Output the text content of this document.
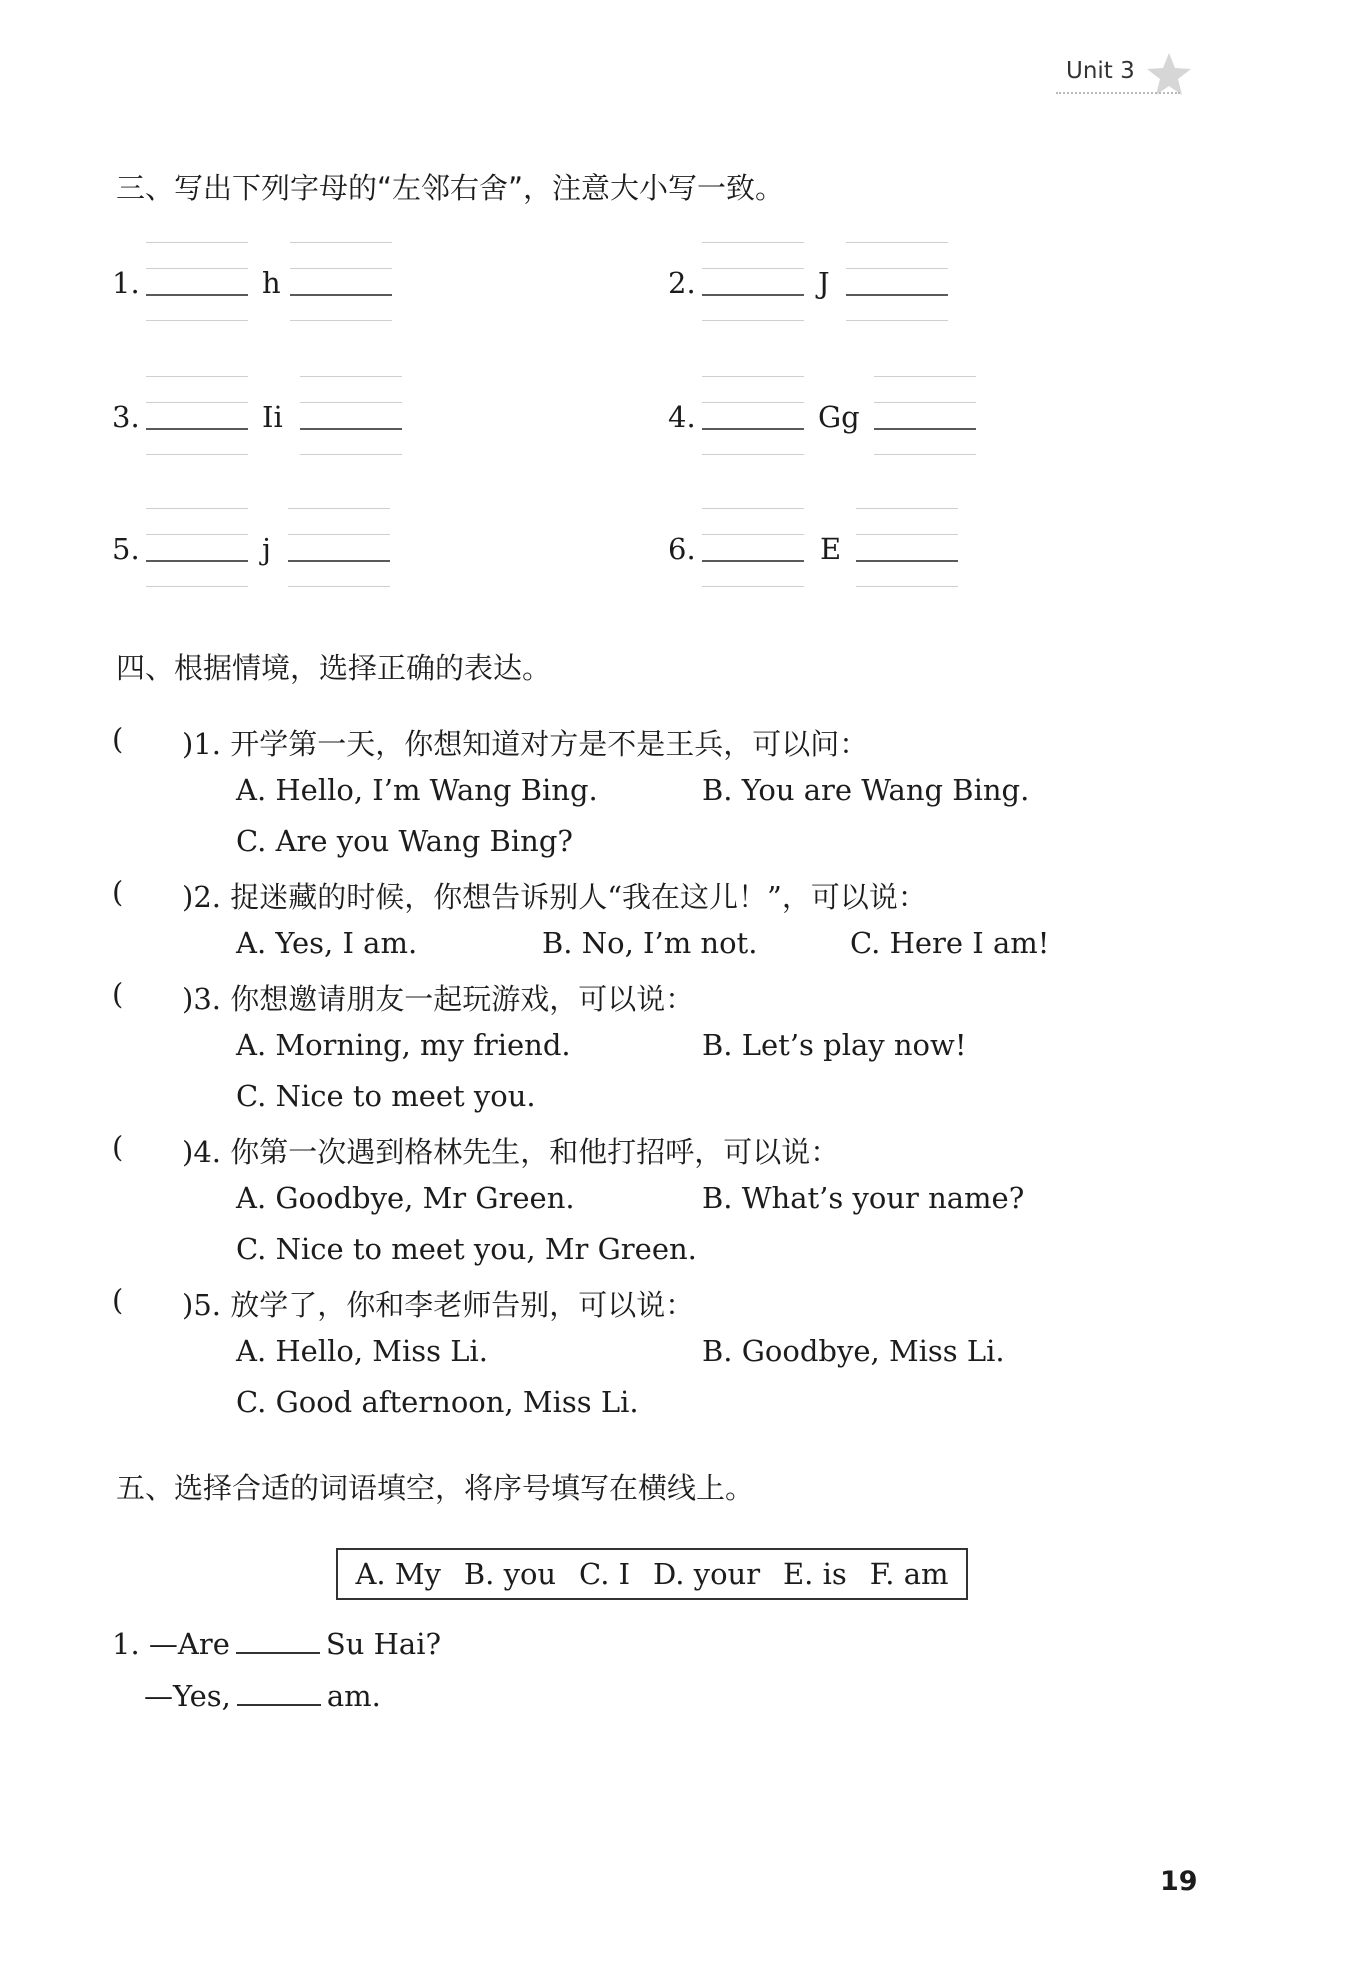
Unit 3
三、写出下列字母的“左邻右舍”，注意大小写一致。
1.	h	2.	J
3.	Ii	4.	Gg
5.	j	6.	E
四、根据情境，选择正确的表达。
( )1. 开学第一天，你想知道对方是不是王兵，可以问：
A. Hello, I’m Wang Bing.	B. You are Wang Bing.
C. Are you Wang Bing?
( )2. 捉迷藏的时候，你想告诉别人“我在这儿！”，可以说：
A. Yes, I am.	B. No, I’m not.	C. Here I am!
( )3. 你想邀请朋友一起玩游戏，可以说：
A. Morning, my friend.	B. Let’s play now!
C. Nice to meet you.
( )4. 你第一次遇到格林先生，和他打招呼，可以说：
A. Goodbye, Mr Green.	B. What’s your name?
C. Nice to meet you, Mr Green.
( )5. 放学了，你和李老师告别，可以说：
A. Hello, Miss Li.	B. Goodbye, Miss Li.
C. Good afternoon, Miss Li.
五、选择合适的词语填空，将序号填写在横线上。
A. My B. you C. I D. your E. is F. am
1. —Are	Su Hai?
—Yes,	am.
19
